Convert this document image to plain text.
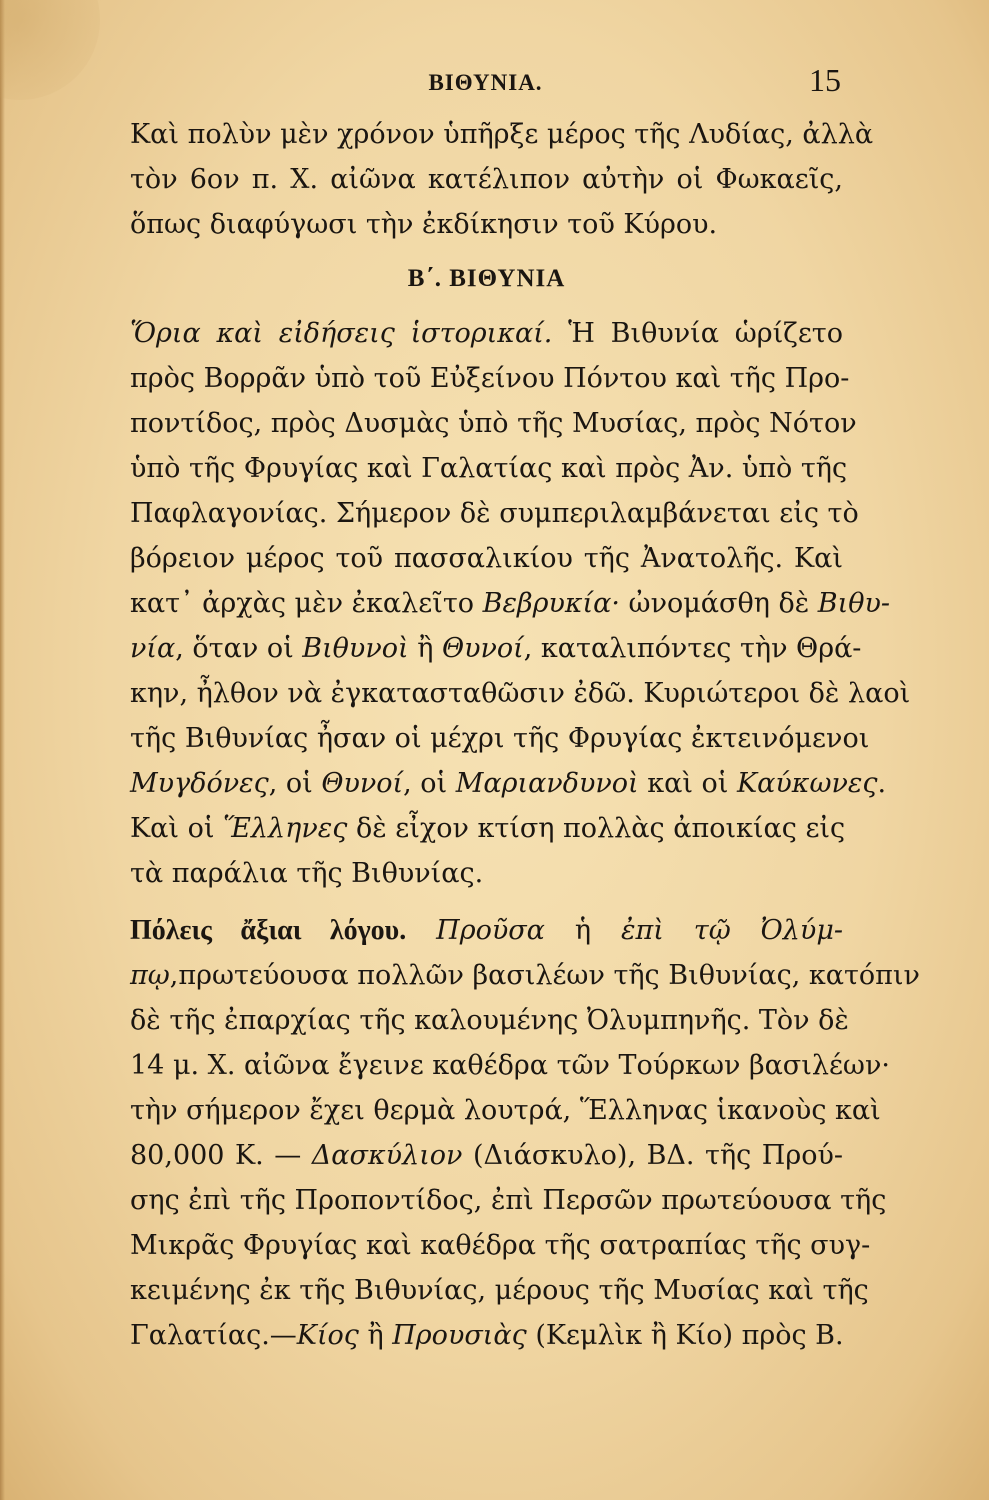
ΒΙΘΥΝΙΑ.	15
Καὶ πολὺν μὲν χρόνον ὑπῆρξε μέρος τῆς Λυδίας, ἀλλὰ
τὸν 6ον π. Χ. αἰῶνα κατέλιπον αὐτὴν οἱ Φωκαεῖς,
ὅπως διαφύγωσι τὴν ἐκδίκησιν τοῦ Κύρου.
Β΄. ΒΙΘΥΝΙΑ
Ὅρια καὶ εἰδήσεις ἱστορικαί. Ἡ Βιθυνία ὡρίζετο
πρὸς Βορρᾶν ὑπὸ τοῦ Εὐξείνου Πόντου καὶ τῆς Προ-
ποντίδος, πρὸς Δυσμὰς ὑπὸ τῆς Μυσίας, πρὸς Νότον
ὑπὸ τῆς Φρυγίας καὶ Γαλατίας καὶ πρὸς Ἀν. ὑπὸ τῆς
Παφλαγονίας. Σήμερον δὲ συμπεριλαμβάνεται εἰς τὸ
βόρειον μέρος τοῦ πασσαλικίου τῆς Ἀνατολῆς. Καὶ
κατ᾽ ἀρχὰς μὲν ἐκαλεῖτο Βεβρυκία· ὠνομάσθη δὲ Βιθυ-
νία, ὅταν οἱ Βιθυνοὶ ἢ Θυνοί, καταλιπόντες τὴν Θρά-
κην, ἦλθον νὰ ἐγκατασταθῶσιν ἐδῶ. Κυριώτεροι δὲ λαοὶ
τῆς Βιθυνίας ἦσαν οἱ μέχρι τῆς Φρυγίας ἐκτεινόμενοι
Μυγδόνες, οἱ Θυνοί, οἱ Μαριανδυνοὶ καὶ οἱ Καύκωνες.
Καὶ οἱ Ἕλληνες δὲ εἶχον κτίση πολλὰς ἀποικίας εἰς
τὰ παράλια τῆς Βιθυνίας.
Πόλεις ἄξιαι λόγου. Προῦσα ἡ ἐπὶ τῷ Ὀλύμ-
πῳ,πρωτεύουσα πολλῶν βασιλέων τῆς Βιθυνίας, κατόπιν
δὲ τῆς ἐπαρχίας τῆς καλουμένης Ὀλυμπηνῆς. Τὸν δὲ
14 μ. Χ. αἰῶνα ἔγεινε καθέδρα τῶν Τούρκων βασιλέων·
τὴν σήμερον ἔχει θερμὰ λουτρά, Ἕλληνας ἱκανοὺς καὶ
80,000 Κ. — Δασκύλιον (Διάσκυλο), ΒΔ. τῆς Πρού-
σης ἐπὶ τῆς Προποντίδος, ἐπὶ Περσῶν πρωτεύουσα τῆς
Μικρᾶς Φρυγίας καὶ καθέδρα τῆς σατραπίας τῆς συγ-
κειμένης ἐκ τῆς Βιθυνίας, μέρους τῆς Μυσίας καὶ τῆς
Γαλατίας.—Κίος ἢ Προυσιὰς (Κεμλὶκ ἢ Κίο) πρὸς Β.
